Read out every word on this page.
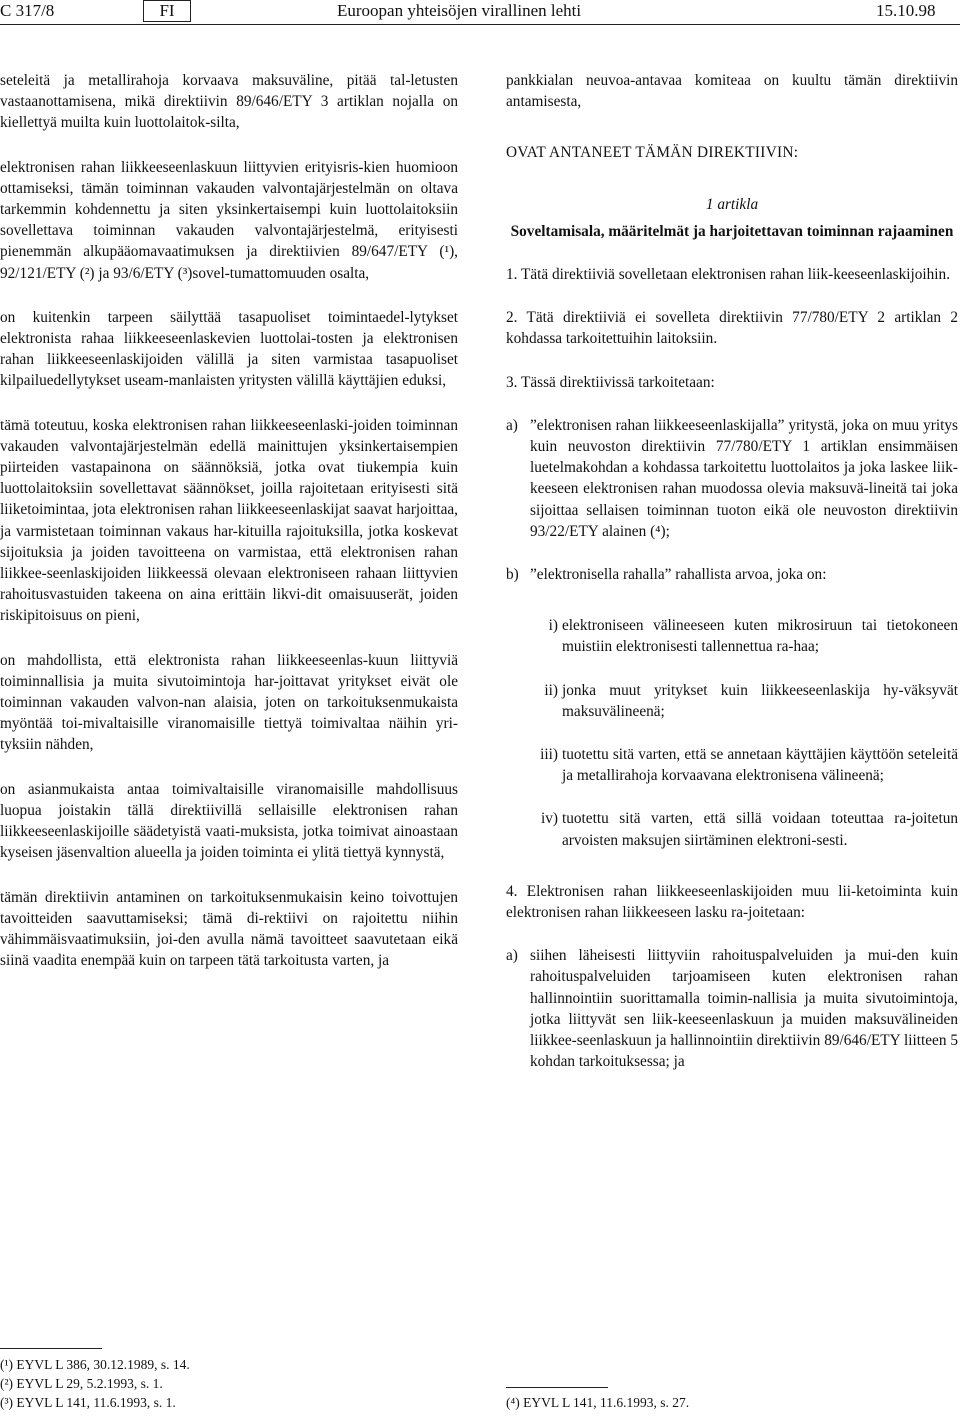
C 317/8	FI	Euroopan yhteisöjen virallinen lehti	15.10.98

seteleitä ja metallirahoja korvaava maksuväline, pitää tal-letusten vastaanottamisena, mikä direktiivin 89/646/ETY 3 artiklan nojalla on kiellettyä muilta kuin luottolaitok-silta,

elektronisen rahan liikkeeseenlaskuun liittyvien erityisris-kien huomioon ottamiseksi, tämän toiminnan vakauden valvontajärjestelmän on oltava tarkemmin kohdennettu ja siten yksinkertaisempi kuin luottolaitoksiin sovellettava toiminnan vakauden valvontajärjestelmä, erityisesti pienemmän alkupääomavaatimuksen ja direktiivien 89/647/ETY (¹), 92/121/ETY (²) ja 93/6/ETY (³)sovel-tumattomuuden osalta,

on kuitenkin tarpeen säilyttää tasapuoliset toimintaedel-lytykset elektronista rahaa liikkeeseenlaskevien luottolai-tosten ja elektronisen rahan liikkeeseenlaskijoiden välillä ja siten varmistaa tasapuoliset kilpailuedellytykset useam-manlaisten yritysten välillä käyttäjien eduksi,

tämä toteutuu, koska elektronisen rahan liikkeeseenlaski-joiden toiminnan vakauden valvontajärjestelmän edellä mainittujen yksinkertaisempien piirteiden vastapainona on säännöksiä, jotka ovat tiukempia kuin luottolaitoksiin sovellettavat säännökset, joilla rajoitetaan erityisesti sitä liiketoimintaa, jota elektronisen rahan liikkeeseenlaskijat saavat harjoittaa, ja varmistetaan toiminnan vakaus har-kituilla rajoituksilla, jotka koskevat sijoituksia ja joiden tavoitteena on varmistaa, että elektronisen rahan liikkee-seenlaskijoiden liikkeessä olevaan elektroniseen rahaan liittyvien rahoitusvastuiden takeena on aina erittäin likvi-dit omaisuuserät, joiden riskipitoisuus on pieni,

on mahdollista, että elektronista rahan liikkeeseenlas-kuun liittyviä toiminnallisia ja muita sivutoimintoja har-joittavat yritykset eivät ole toiminnan vakauden valvon-nan alaisia, joten on tarkoituksenmukaista myöntää toi-mivaltaisille viranomaisille tiettyä toimivaltaa näihin yri-tyksiin nähden,

on asianmukaista antaa toimivaltaisille viranomaisille mahdollisuus luopua joistakin tällä direktiivillä sellaisille elektronisen rahan liikkeeseenlaskijoille säädetyistä vaati-muksista, jotka toimivat ainoastaan kyseisen jäsenvaltion alueella ja joiden toiminta ei ylitä tiettyä kynnystä,

tämän direktiivin antaminen on tarkoituksenmukaisin keino toivottujen tavoitteiden saavuttamiseksi; tämä di-rektiivi on rajoitettu niihin vähimmäisvaatimuksiin, joi-den avulla nämä tavoitteet saavutetaan eikä siinä vaadita enempää kuin on tarpeen tätä tarkoitusta varten, ja

pankkialan neuvoa-antavaa komiteaa on kuultu tämän direktiivin antamisesta,

OVAT ANTANEET TÄMÄN DIREKTIIVIN:

1 artikla

Soveltamisala, määritelmät ja harjoitettavan toiminnan rajaaminen

1. Tätä direktiiviä sovelletaan elektronisen rahan liik-keeseenlaskijoihin.

2. Tätä direktiiviä ei sovelleta direktiivin 77/780/ETY 2 artiklan 2 kohdassa tarkoitettuihin laitoksiin.

3. Tässä direktiivissä tarkoitetaan:

a) ”elektronisen rahan liikkeeseenlaskijalla” yritystä, joka on muu yritys kuin neuvoston direktiivin 77/780/ETY 1 artiklan ensimmäisen luetelmakohdan a kohdassa tarkoitettu luottolaitos ja joka laskee liik-keeseen elektronisen rahan muodossa olevia maksuvä-lineitä tai joka sijoittaa sellaisen toiminnan tuoton eikä ole neuvoston direktiivin 93/22/ETY alainen (⁴);

b) ”elektronisella rahalla” rahallista arvoa, joka on:

i) elektroniseen välineeseen kuten mikrosiruun tai tietokoneen muistiin elektronisesti tallennettua ra-haa;

ii) jonka muut yritykset kuin liikkeeseenlaskija hy-väksyvät maksuvälineenä;

iii) tuotettu sitä varten, että se annetaan käyttäjien käyttöön seteleitä ja metallirahoja korvaavana elektronisena välineenä;

iv) tuotettu sitä varten, että sillä voidaan toteuttaa ra-joitetun arvoisten maksujen siirtäminen elektroni-sesti.

4. Elektronisen rahan liikkeeseenlaskijoiden muu lii-ketoiminta kuin elektronisen rahan liikkeeseen lasku ra-joitetaan:

a) siihen läheisesti liittyviin rahoituspalveluiden ja mui-den kuin rahoituspalveluiden tarjoamiseen kuten elektronisen rahan hallinnointiin suorittamalla toimin-nallisia ja muita sivutoimintoja, jotka liittyvät sen liik-keeseenlaskuun ja muiden maksuvälineiden liikkee-seenlaskuun ja hallinnointiin direktiivin 89/646/ETY liitteen 5 kohdan tarkoituksessa; ja

(¹) EYVL L 386, 30.12.1989, s. 14.
(²) EYVL L 29, 5.2.1993, s. 1.
(³) EYVL L 141, 11.6.1993, s. 1.	(⁴) EYVL L 141, 11.6.1993, s. 27.
